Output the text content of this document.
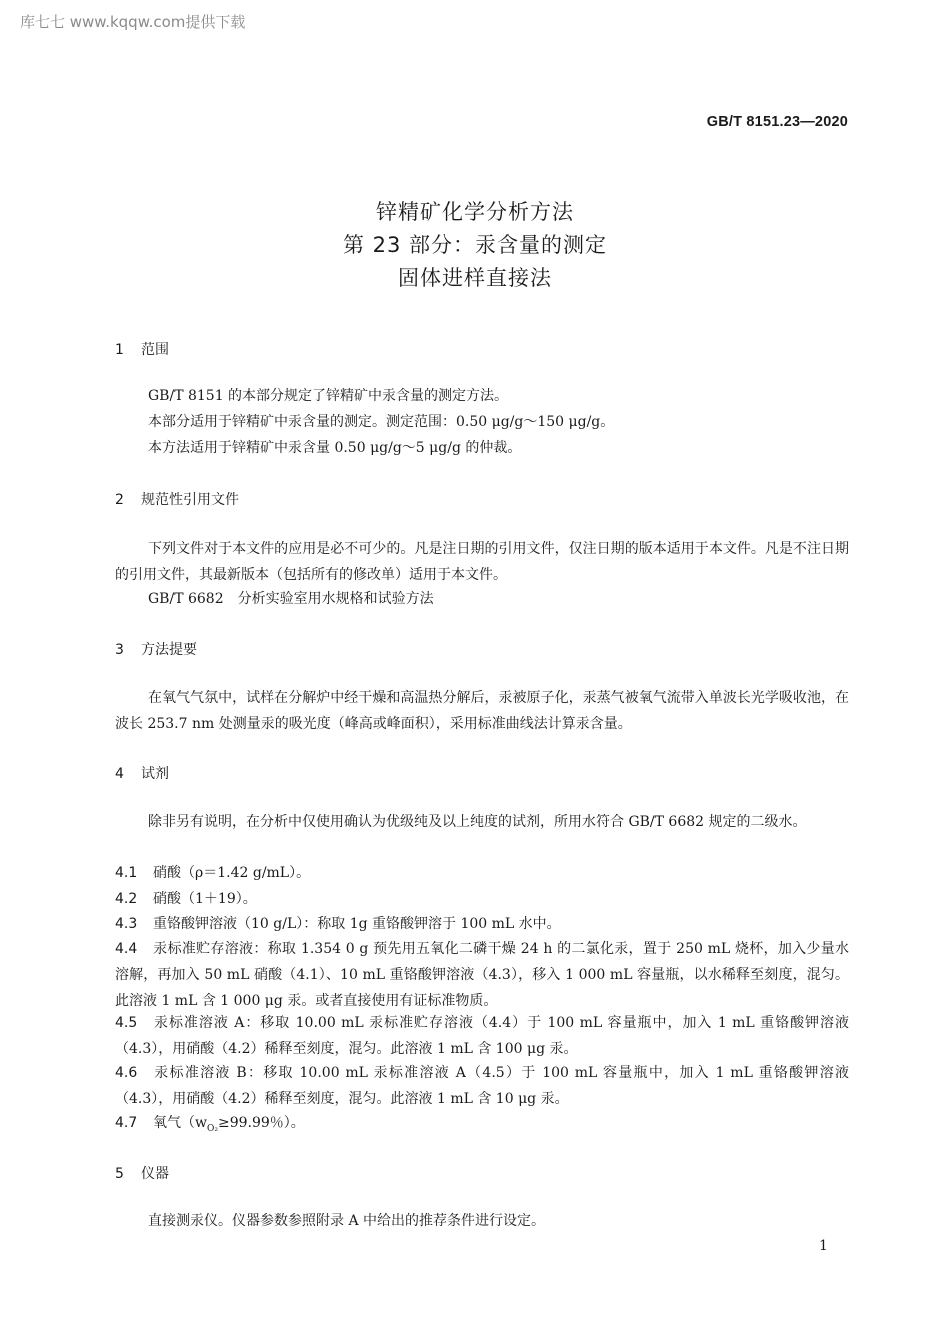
库七七 www.kqqw.com提供下载
GB/T 8151.23—2020
锌精矿化学分析方法
第 23 部分：汞含量的测定
固体进样直接法
1 范围
GB/T 8151 的本部分规定了锌精矿中汞含量的测定方法。
本部分适用于锌精矿中汞含量的测定。测定范围：0.50 μg/g～150 μg/g。
本方法适用于锌精矿中汞含量 0.50 μg/g～5 μg/g 的仲裁。
2 规范性引用文件
下列文件对于本文件的应用是必不可少的。凡是注日期的引用文件，仅注日期的版本适用于本文件。凡是不注日期的引用文件，其最新版本（包括所有的修改单）适用于本文件。
GB/T 6682　分析实验室用水规格和试验方法
3 方法提要
在氧气气氛中，试样在分解炉中经干燥和高温热分解后，汞被原子化，汞蒸气被氧气流带入单波长光学吸收池，在波长 253.7 nm 处测量汞的吸光度（峰高或峰面积），采用标准曲线法计算汞含量。
4 试剂
除非另有说明，在分析中仅使用确认为优级纯及以上纯度的试剂，所用水符合 GB/T 6682 规定的二级水。
4.1 硝酸（ρ＝1.42 g/mL）。
4.2 硝酸（1＋19）。
4.3 重铬酸钾溶液（10 g/L）：称取 1g 重铬酸钾溶于 100 mL 水中。
4.4 汞标准贮存溶液：称取 1.354 0 g 预先用五氧化二磷干燥 24 h 的二氯化汞，置于 250 mL 烧杯，加入少量水溶解，再加入 50 mL 硝酸（4.1）、10 mL 重铬酸钾溶液（4.3），移入 1 000 mL 容量瓶，以水稀释至刻度，混匀。此溶液 1 mL 含 1 000 μg 汞。或者直接使用有证标准物质。
4.5 汞标准溶液 A：移取 10.00 mL 汞标准贮存溶液（4.4）于 100 mL 容量瓶中，加入 1 mL 重铬酸钾溶液（4.3），用硝酸（4.2）稀释至刻度，混匀。此溶液 1 mL 含 100 μg 汞。
4.6 汞标准溶液 B：移取 10.00 mL 汞标准溶液 A（4.5）于 100 mL 容量瓶中，加入 1 mL 重铬酸钾溶液（4.3），用硝酸（4.2）稀释至刻度，混匀。此溶液 1 mL 含 10 μg 汞。
4.7 氧气（$w_{O_2}\ge 99.99$％）。
5 仪器
直接测汞仪。仪器参数参照附录 A 中给出的推荐条件进行设定。
1
